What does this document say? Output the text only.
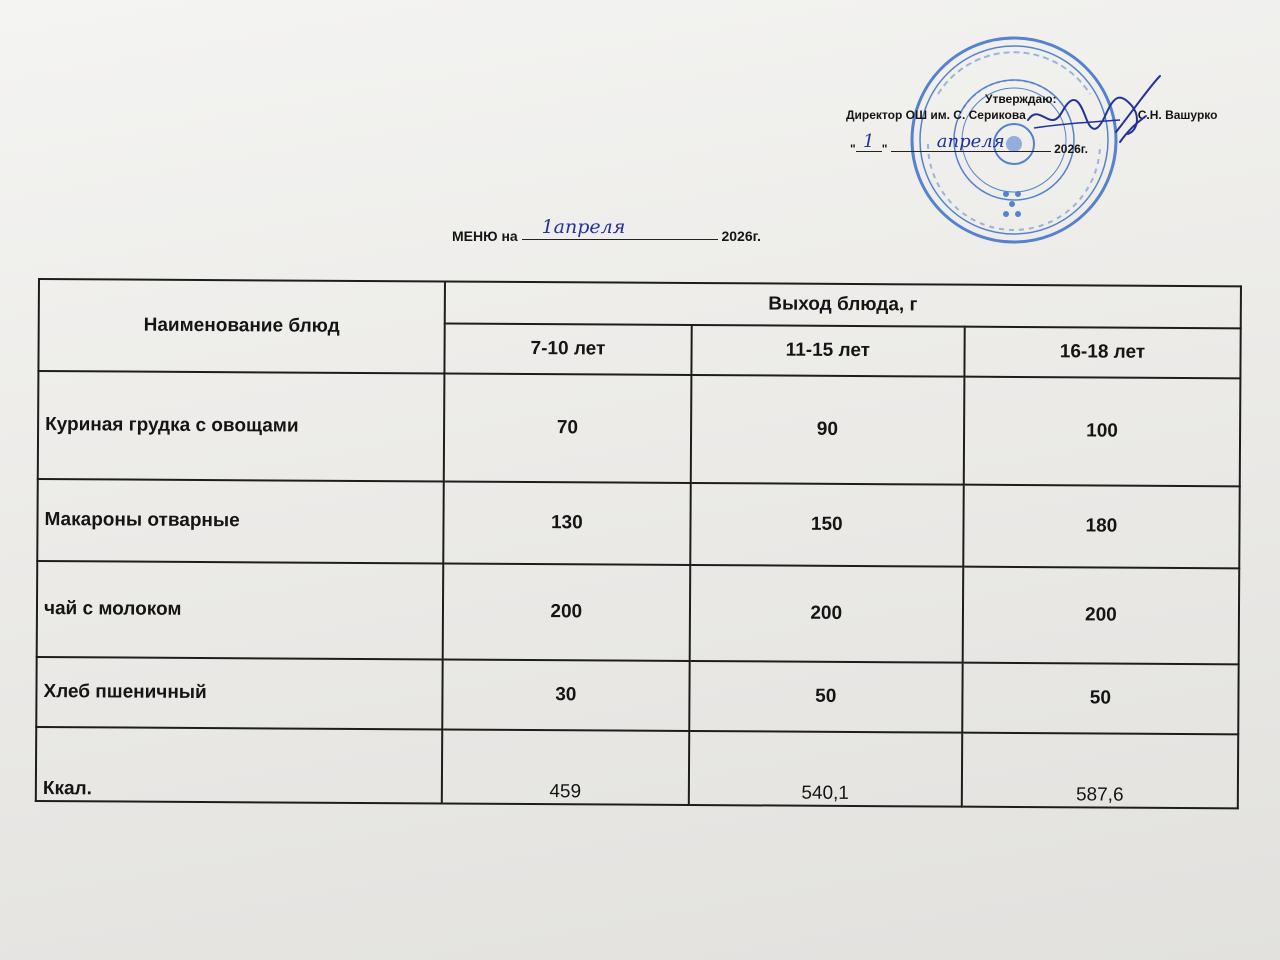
Утверждаю:
Директор ОШ им. С. Серикова	С.Н. Вашурко
" 1 "	апреля	2026г.
МЕНЮ на 1апреля	2026г.
Наименование блюд	Выход блюда, г		
	7-10 лет	11-15 лет	16-18 лет
Куриная грудка с овощами	70	90	100
Макароны отварные	130	150	180
чай с молоком	200	200	200
Хлеб пшеничный	30	50	50
Ккал.	459	540,1	587,6
